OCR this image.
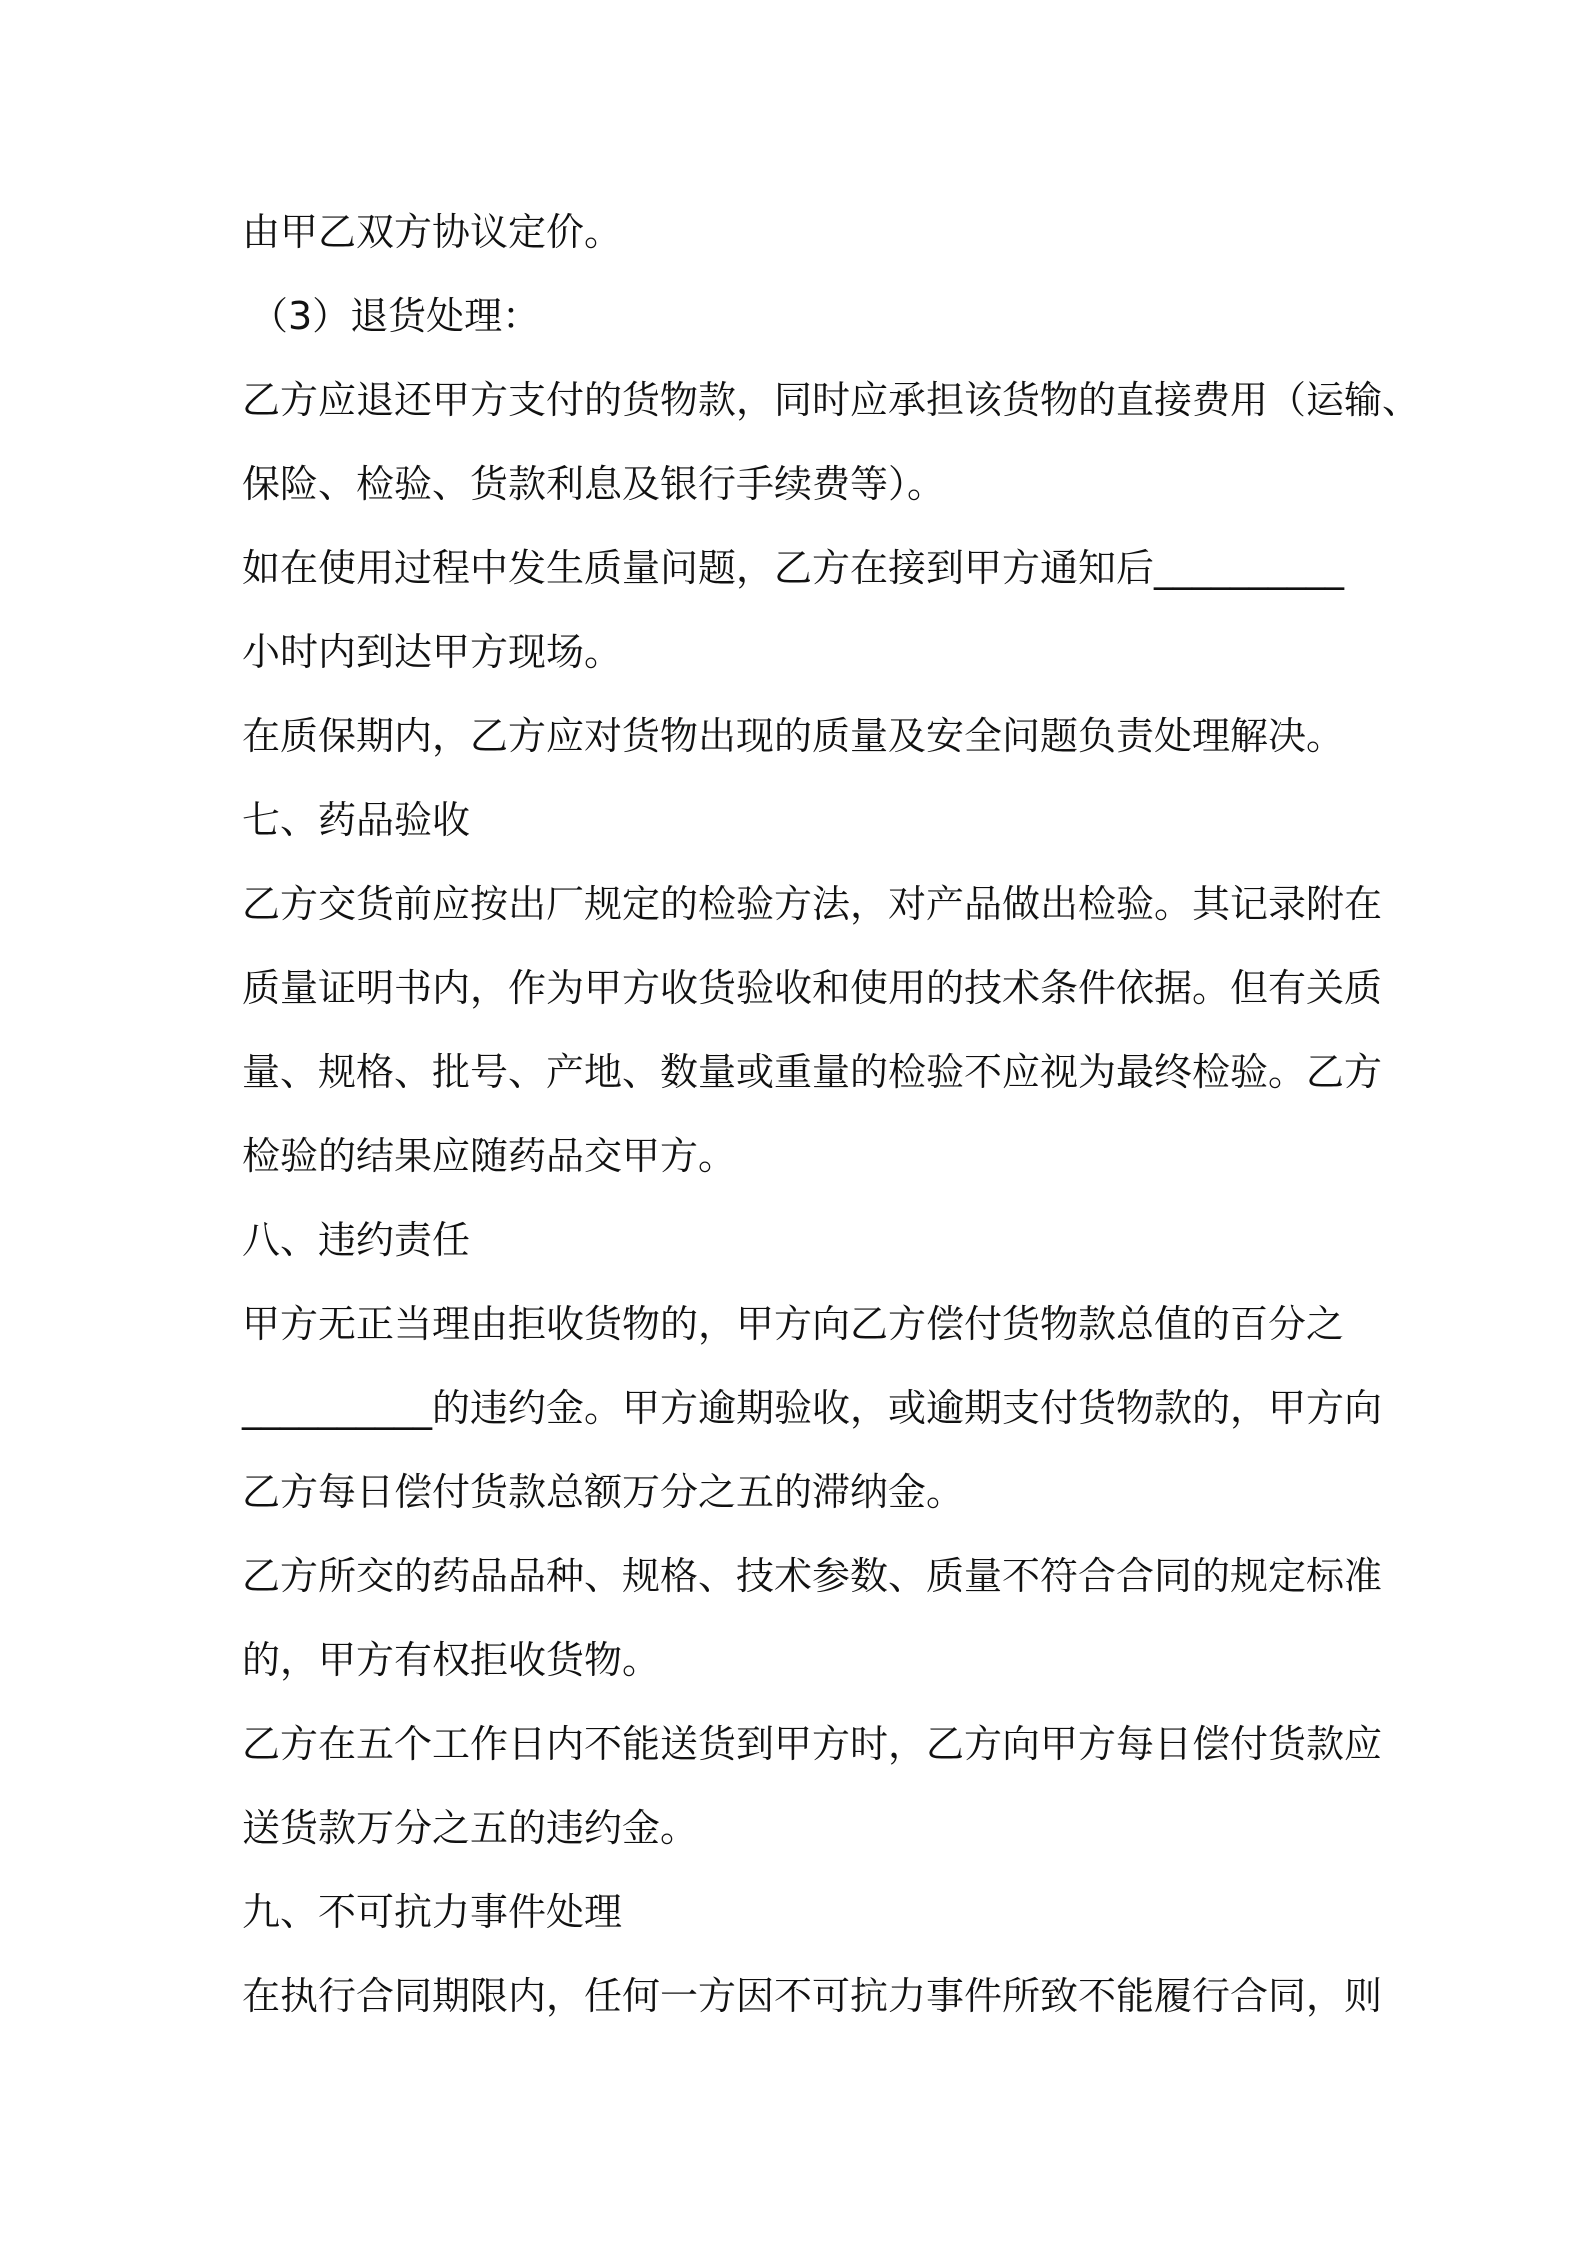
由甲乙双方协议定价。
（3）退货处理：
乙方应退还甲方支付的货物款，同时应承担该货物的直接费用（运输、
保险、检验、货款利息及银行手续费等）。
如在使用过程中发生质量问题，乙方在接到甲方通知后__________
小时内到达甲方现场。
在质保期内，乙方应对货物出现的质量及安全问题负责处理解决。
七、药品验收
乙方交货前应按出厂规定的检验方法，对产品做出检验。其记录附在
质量证明书内，作为甲方收货验收和使用的技术条件依据。但有关质
量、规格、批号、产地、数量或重量的检验不应视为最终检验。乙方
检验的结果应随药品交甲方。
八、违约责任
甲方无正当理由拒收货物的，甲方向乙方偿付货物款总值的百分之
__________的违约金。甲方逾期验收，或逾期支付货物款的，甲方向
乙方每日偿付货款总额万分之五的滞纳金。
乙方所交的药品品种、规格、技术参数、质量不符合合同的规定标准
的，甲方有权拒收货物。
乙方在五个工作日内不能送货到甲方时，乙方向甲方每日偿付货款应
送货款万分之五的违约金。
九、不可抗力事件处理
在执行合同期限内，任何一方因不可抗力事件所致不能履行合同，则
